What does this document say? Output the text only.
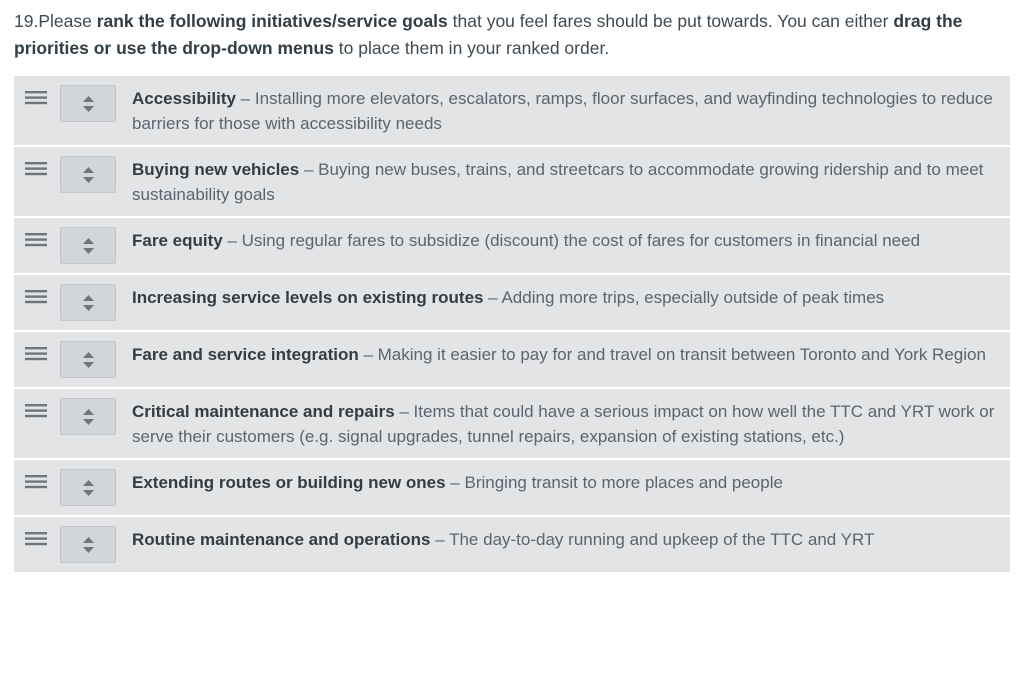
19.Please rank the following initiatives/service goals that you feel fares should be put towards. You can either drag the priorities or use the drop-down menus to place them in your ranked order.
Accessibility – Installing more elevators, escalators, ramps, floor surfaces, and wayfinding technologies to reduce barriers for those with accessibility needs
Buying new vehicles – Buying new buses, trains, and streetcars to accommodate growing ridership and to meet sustainability goals
Fare equity – Using regular fares to subsidize (discount) the cost of fares for customers in financial need
Increasing service levels on existing routes – Adding more trips, especially outside of peak times
Fare and service integration – Making it easier to pay for and travel on transit between Toronto and York Region
Critical maintenance and repairs – Items that could have a serious impact on how well the TTC and YRT work or serve their customers (e.g. signal upgrades, tunnel repairs, expansion of existing stations, etc.)
Extending routes or building new ones – Bringing transit to more places and people
Routine maintenance and operations – The day-to-day running and upkeep of the TTC and YRT
